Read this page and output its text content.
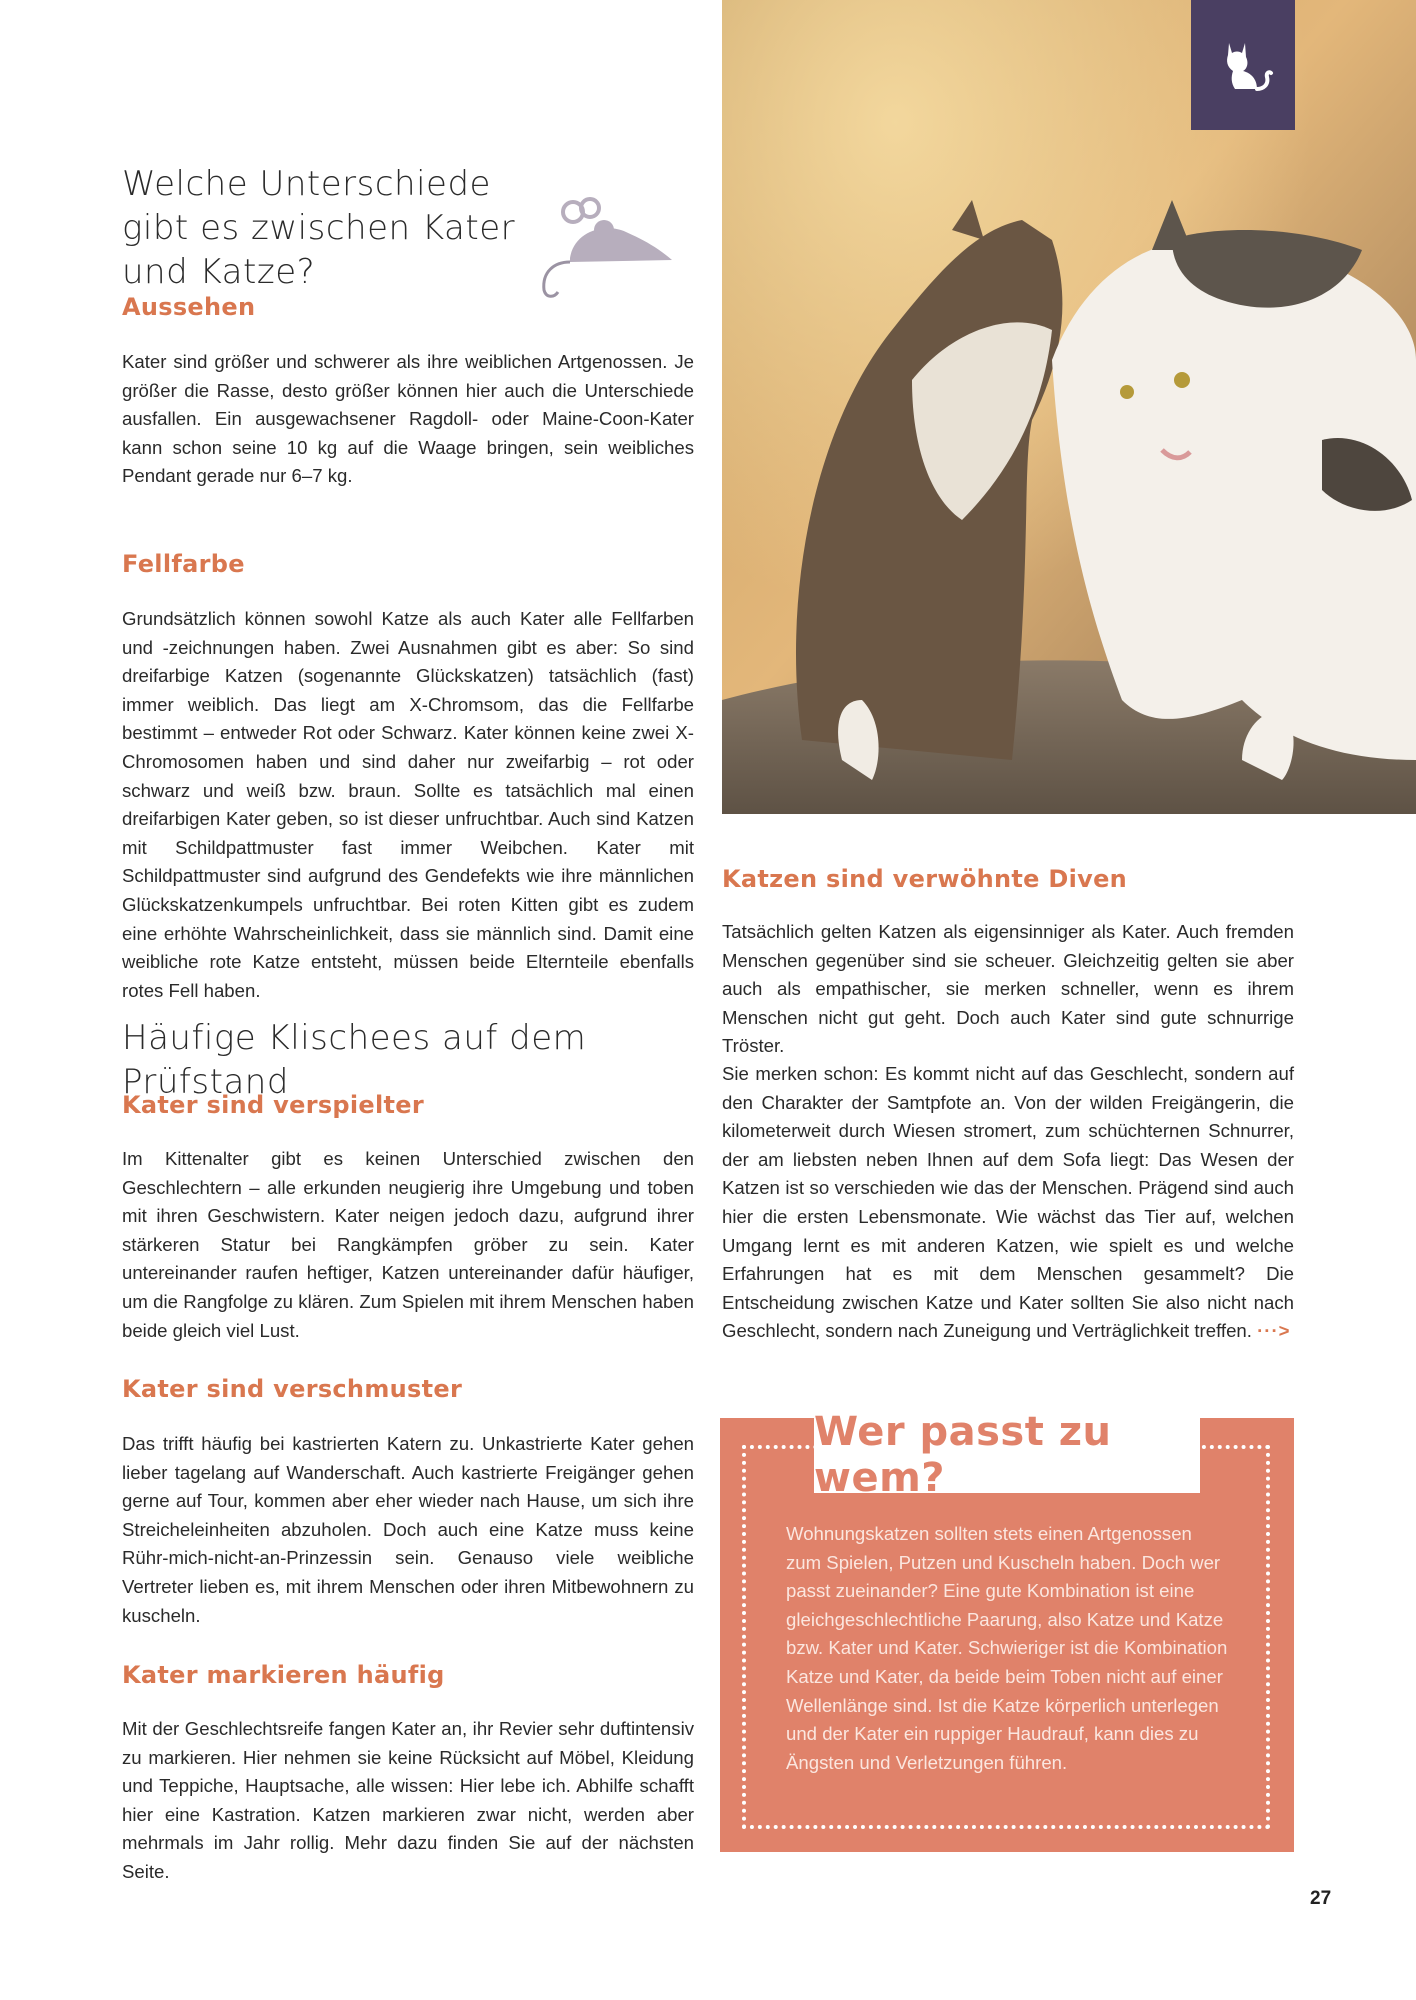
Welche Unterschiede gibt es zwischen Kater und Katze?
Aussehen

Kater sind größer und schwerer als ihre weiblichen Artgenossen. Je größer die Rasse, desto größer können hier auch die Unterschiede ausfallen. Ein ausgewachsener Ragdoll- oder Maine-Coon-Kater kann schon seine 10 kg auf die Waage bringen, sein weibliches Pendant gerade nur 6–7 kg.

Fellfarbe

Grundsätzlich können sowohl Katze als auch Kater alle Fellfarben und -zeichnungen haben. Zwei Ausnahmen gibt es aber: So sind dreifarbige Katzen (sogenannte Glückskatzen) tatsächlich (fast) immer weiblich. Das liegt am X-Chromsom, das die Fellfarbe bestimmt – entweder Rot oder Schwarz. Kater können keine zwei X-Chromosomen haben und sind daher nur zweifarbig – rot oder schwarz und weiß bzw. braun. Sollte es tatsächlich mal einen dreifarbigen Kater geben, so ist dieser unfruchtbar. Auch sind Katzen mit Schildpattmuster fast immer Weibchen. Kater mit Schildpattmuster sind aufgrund des Gendefekts wie ihre männlichen Glückskatzenkumpels unfruchtbar. Bei roten Kitten gibt es zudem eine erhöhte Wahrscheinlichkeit, dass sie männlich sind. Damit eine weibliche rote Katze entsteht, müssen beide Elternteile ebenfalls rotes Fell haben.

Häufige Klischees auf dem Prüfstand
Kater sind verspielter

Im Kittenalter gibt es keinen Unterschied zwischen den Geschlechtern – alle erkunden neugierig ihre Umgebung und toben mit ihren Geschwistern. Kater neigen jedoch dazu, aufgrund ihrer stärkeren Statur bei Rangkämpfen gröber zu sein. Kater untereinander raufen heftiger, Katzen untereinander dafür häufiger, um die Rangfolge zu klären. Zum Spielen mit ihrem Menschen haben beide gleich viel Lust.

Kater sind verschmuster

Das trifft häufig bei kastrierten Katern zu. Unkastrierte Kater gehen lieber tagelang auf Wanderschaft. Auch kastrierte Freigänger gehen gerne auf Tour, kommen aber eher wieder nach Hause, um sich ihre Streicheleinheiten abzuholen. Doch auch eine Katze muss keine Rühr-mich-nicht-an-Prinzessin sein. Genauso viele weibliche Vertreter lieben es, mit ihrem Menschen oder ihren Mitbewohnern zu kuscheln.

Kater markieren häufig

Mit der Geschlechtsreife fangen Kater an, ihr Revier sehr duftintensiv zu markieren. Hier nehmen sie keine Rücksicht auf Möbel, Kleidung und Teppiche, Hauptsache, alle wissen: Hier lebe ich. Abhilfe schafft hier eine Kastration. Katzen markieren zwar nicht, werden aber mehrmals im Jahr rollig. Mehr dazu finden Sie auf der nächsten Seite.

Katzen sind verwöhnte Diven

Tatsächlich gelten Katzen als eigensinniger als Kater. Auch fremden Menschen gegenüber sind sie scheuer. Gleichzeitig gelten sie aber auch als empathischer, sie merken schneller, wenn es ihrem Menschen nicht gut geht. Doch auch Kater sind gute schnurrige Tröster.

Sie merken schon: Es kommt nicht auf das Geschlecht, sondern auf den Charakter der Samtpfote an. Von der wilden Freigängerin, die kilometerweit durch Wiesen stromert, zum schüchternen Schnurrer, der am liebsten neben Ihnen auf dem Sofa liegt: Das Wesen der Katzen ist so verschieden wie das der Menschen. Prägend sind auch hier die ersten Lebensmonate. Wie wächst das Tier auf, welchen Umgang lernt es mit anderen Katzen, wie spielt es und welche Erfahrungen hat es mit dem Menschen gesammelt? Die Entscheidung zwischen Katze und Kater sollten Sie also nicht nach Geschlecht, sondern nach Zuneigung und Verträglichkeit treffen. ···>

Wer passt zu wem?

Wohnungskatzen sollten stets einen Artgenossen zum Spielen, Putzen und Kuscheln haben. Doch wer passt zueinander? Eine gute Kombination ist eine gleichgeschlechtliche Paarung, also Katze und Katze bzw. Kater und Kater. Schwieriger ist die Kombination Katze und Kater, da beide beim Toben nicht auf einer Wellenlänge sind. Ist die Katze körperlich unterlegen und der Kater ein ruppiger Haudrauf, kann dies zu Ängsten und Verletzungen führen.

27
